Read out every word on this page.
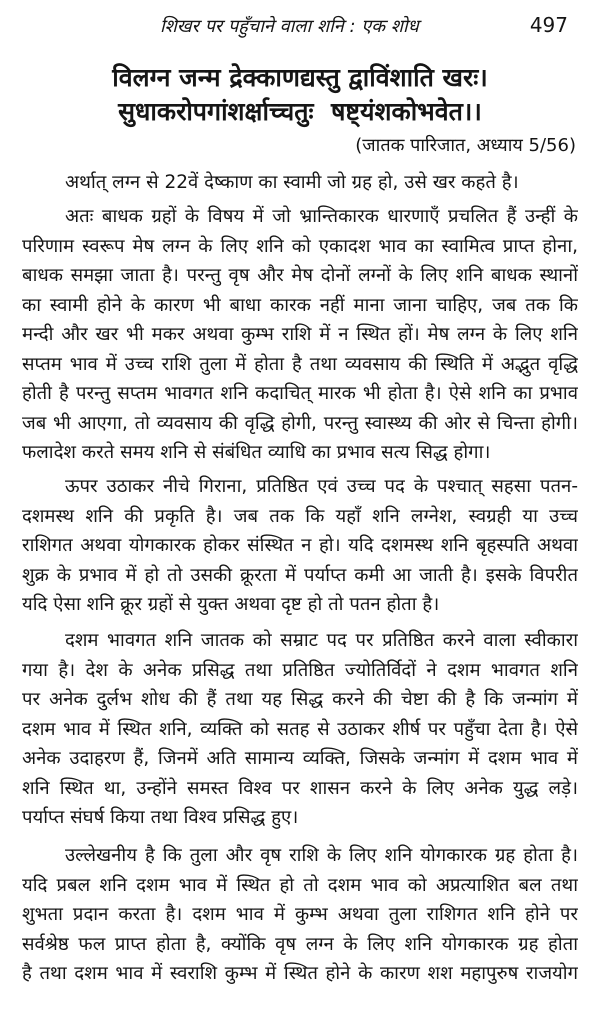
शिखर पर पहुँचाने वाला शनि : एक शोध	497
विलग्न जन्म द्रेक्काणद्यस्तु द्वाविंशाति खरः।
सुधाकरोपगांशर्क्षाच्चतुः  षष्ट्यंशकोभवेत।।
(जातक पारिजात, अध्याय 5/56)
अर्थात् लग्न से 22वें देष्काण का स्वामी जो ग्रह हो, उसे खर कहते है।
अतः बाधक ग्रहों के विषय में जो भ्रान्तिकारक धारणाएँ प्रचलित हैं उन्हीं के
परिणाम स्वरूप मेष लग्न के लिए शनि को एकादश भाव का स्वामित्व प्राप्त होना,
बाधक समझा जाता है। परन्तु वृष और मेष दोनों लग्नों के लिए शनि बाधक स्थानों
का स्वामी होने के कारण भी बाधा कारक नहीं माना जाना चाहिए, जब तक कि
मन्दी और खर भी मकर अथवा कुम्भ राशि में न स्थित हों। मेष लग्न के लिए शनि
सप्तम भाव में उच्च राशि तुला में होता है तथा व्यवसाय की स्थिति में अद्भुत वृद्धि
होती है परन्तु सप्तम भावगत शनि कदाचित् मारक भी होता है। ऐसे शनि का प्रभाव
जब भी आएगा, तो व्यवसाय की वृद्धि होगी, परन्तु स्वास्थ्य की ओर से चिन्ता होगी।
फलादेश करते समय शनि से संबंधित व्याधि का प्रभाव सत्य सिद्ध होगा।
ऊपर उठाकर नीचे गिराना, प्रतिष्ठित एवं उच्च पद के पश्चात् सहसा पतन-
दशमस्थ शनि की प्रकृति है। जब तक कि यहाँ शनि लग्नेश, स्वग्रही या उच्च
राशिगत अथवा योगकारक होकर संस्थित न हो। यदि दशमस्थ शनि बृहस्पति अथवा
शुक्र के प्रभाव में हो तो उसकी क्रूरता में पर्याप्त कमी आ जाती है। इसके विपरीत
यदि ऐसा शनि क्रूर ग्रहों से युक्त अथवा दृष्ट हो तो पतन होता है।
दशम भावगत शनि जातक को सम्राट पद पर प्रतिष्ठित करने वाला स्वीकारा
गया है। देश के अनेक प्रसिद्ध तथा प्रतिष्ठित ज्योतिर्विदों ने दशम भावगत शनि
पर अनेक दुर्लभ शोध की हैं तथा यह सिद्ध करने की चेष्टा की है कि जन्मांग में
दशम भाव में स्थित शनि, व्यक्ति को सतह से उठाकर शीर्ष पर पहुँचा देता है। ऐसे
अनेक उदाहरण हैं, जिनमें अति सामान्य व्यक्ति, जिसके जन्मांग में दशम भाव में
शनि स्थित था, उन्होंने समस्त विश्व पर शासन करने के लिए अनेक युद्ध लड़े।
पर्याप्त संघर्ष किया तथा विश्व प्रसिद्ध हुए।
उल्लेखनीय है कि तुला और वृष राशि के लिए शनि योगकारक ग्रह होता है।
यदि प्रबल शनि दशम भाव में स्थित हो तो दशम भाव को अप्रत्याशित बल तथा
शुभता प्रदान करता है। दशम भाव में कुम्भ अथवा तुला राशिगत शनि होने पर
सर्वश्रेष्ठ फल प्राप्त होता है, क्योंकि वृष लग्न के लिए शनि योगकारक ग्रह होता
है तथा दशम भाव में स्वराशि कुम्भ में स्थित होने के कारण शश महापुरुष राजयोग
